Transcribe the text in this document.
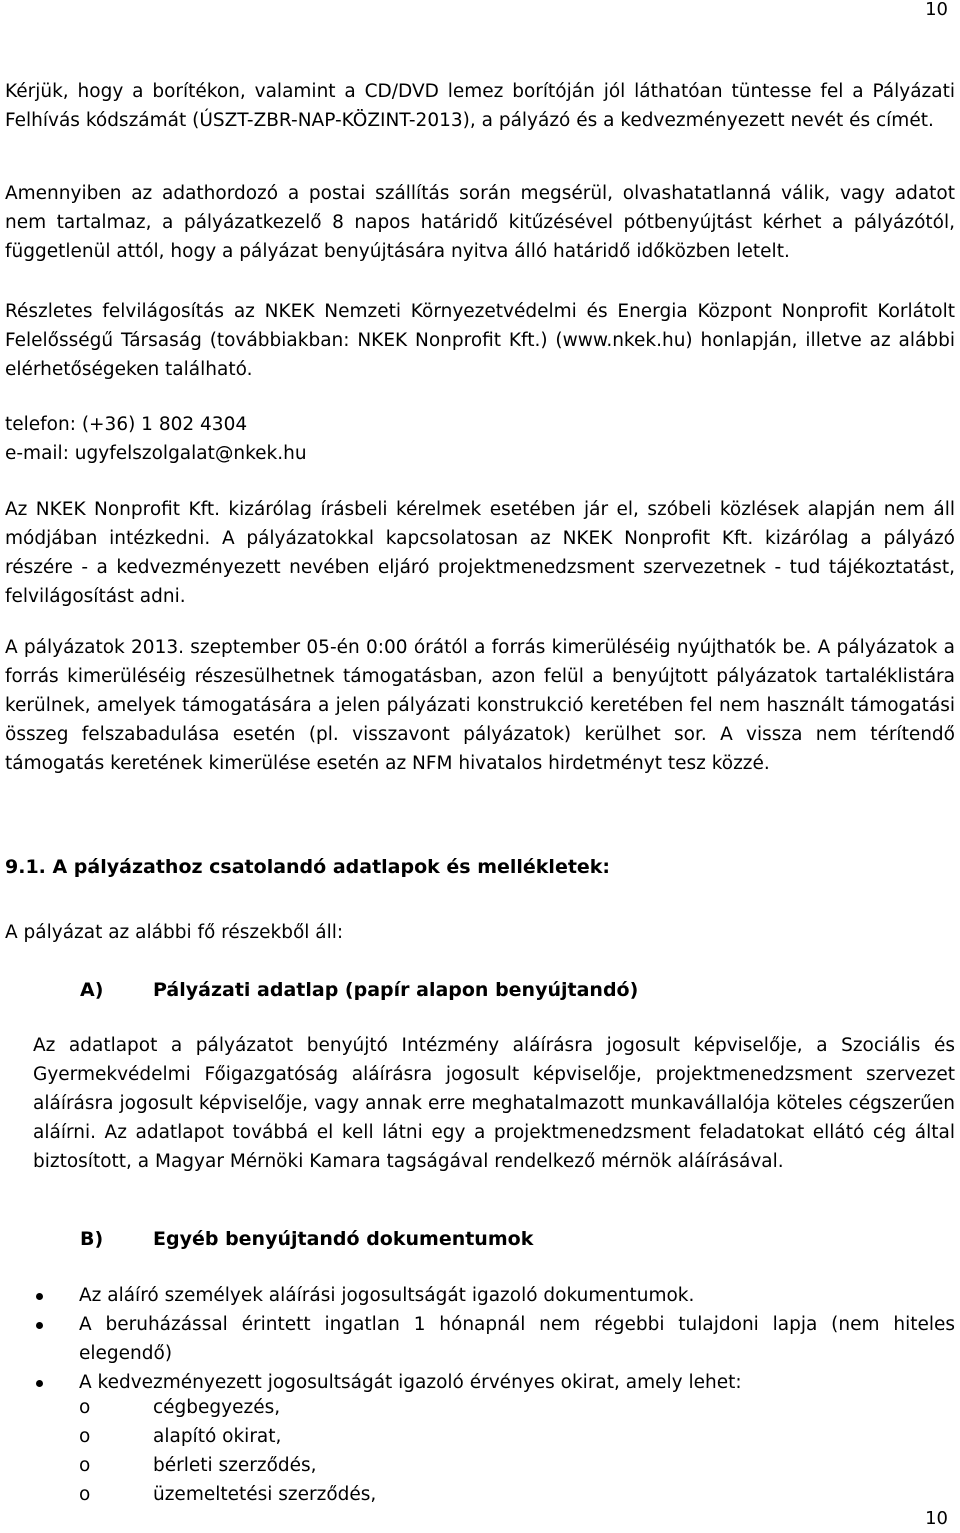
10

Kérjük, hogy a borítékon, valamint a CD/DVD lemez borítóján jól láthatóan tüntesse fel a Pályázati Felhívás kódszámát (ÚSZT-ZBR-NAP-KÖZINT-2013), a pályázó és a kedvezményezett nevét és címét.

Amennyiben az adathordozó a postai szállítás során megsérül, olvashatatlanná válik, vagy adatot nem tartalmaz, a pályázatkezelő 8 napos határidő kitűzésével pótbenyújtást kérhet a pályázótól, függetlenül attól, hogy a pályázat benyújtására nyitva álló határidő időközben letelt.

Részletes felvilágosítás az NKEK Nemzeti Környezetvédelmi és Energia Központ Nonprofit Korlátolt Felelősségű Társaság (továbbiakban: NKEK Nonprofit Kft.) (www.nkek.hu) honlapján, illetve az alábbi elérhetőségeken található.

telefon: (+36) 1 802 4304
e-mail: ugyfelszolgalat@nkek.hu

Az NKEK Nonprofit Kft. kizárólag írásbeli kérelmek esetében jár el, szóbeli közlések alapján nem áll módjában intézkedni. A pályázatokkal kapcsolatosan az NKEK Nonprofit Kft. kizárólag a pályázó részére - a kedvezményezett nevében eljáró projektmenedzsment szervezetnek - tud tájékoztatást, felvilágosítást adni.

A pályázatok 2013. szeptember 05-én 0:00 órától a forrás kimerüléséig nyújthatók be. A pályázatok a forrás kimerüléséig részesülhetnek támogatásban, azon felül a benyújtott pályázatok tartaléklistára kerülnek, amelyek támogatására a jelen pályázati konstrukció keretében fel nem használt támogatási összeg felszabadulása esetén (pl. visszavont pályázatok) kerülhet sor. A vissza nem térítendő támogatás keretének kimerülése esetén az NFM hivatalos hirdetményt tesz közzé.

9.1. A pályázathoz csatolandó adatlapok és mellékletek:
A pályázat az alábbi fő részekből áll:
A)	Pályázati adatlap (papír alapon benyújtandó)

Az adatlapot a pályázatot benyújtó Intézmény aláírásra jogosult képviselője, a Szociális és Gyermekvédelmi Főigazgatóság aláírásra jogosult képviselője, projektmenedzsment szervezet aláírásra jogosult képviselője, vagy annak erre meghatalmazott munkavállalója köteles cégszerűen aláírni. Az adatlapot továbbá el kell látni egy a projektmenedzsment feladatokat ellátó cég által biztosított, a Magyar Mérnöki Kamara tagságával rendelkező mérnök aláírásával.

B)	Egyéb benyújtandó dokumentumok
Az aláíró személyek aláírási jogosultságát igazoló dokumentumok.
A beruházással érintett ingatlan 1 hónapnál nem régebbi tulajdoni lapja (nem hiteles elegendő)
A kedvezményezett jogosultságát igazoló érvényes okirat, amely lehet:
o	cégbegyezés,
o	alapító okirat,
o	bérleti szerződés,
o	üzemeltetési szerződés,
10
